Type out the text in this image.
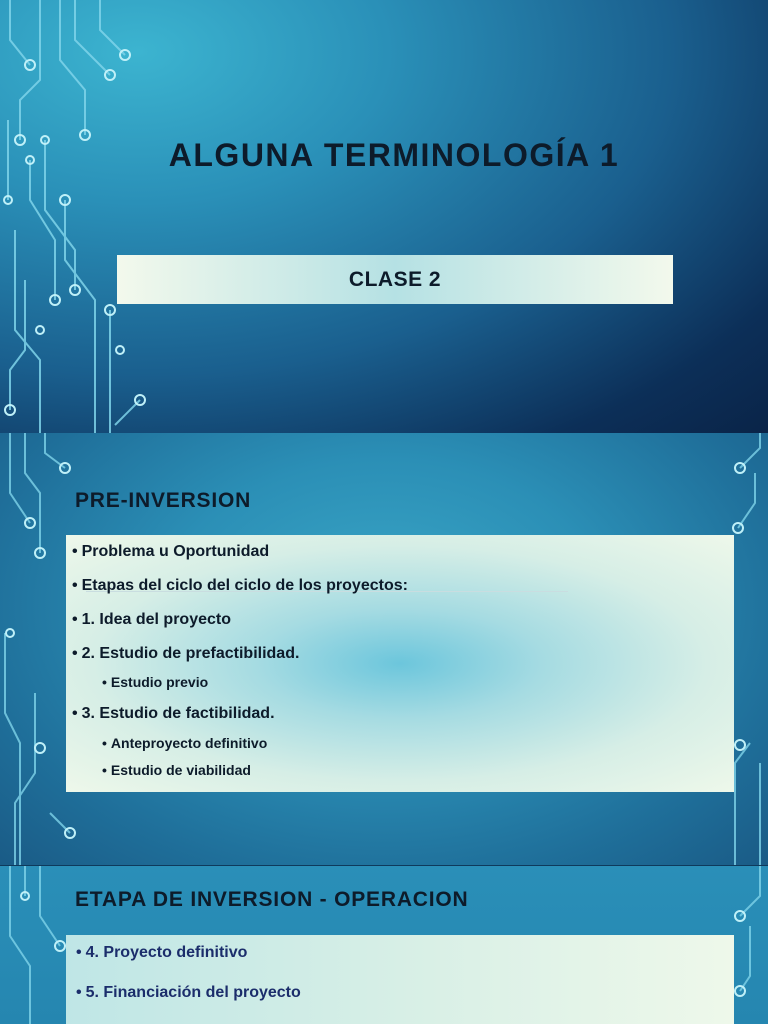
ALGUNA TERMINOLOGÍA 1
CLASE 2
PRE-INVERSION
• Problema u Oportunidad
• Etapas del ciclo del ciclo de los proyectos:
• 1. Idea del proyecto
• 2. Estudio de prefactibilidad.
• Estudio previo
• 3. Estudio de factibilidad.
• Anteproyecto definitivo
• Estudio de viabilidad
ETAPA DE INVERSION - OPERACION
• 4. Proyecto definitivo
• 5. Financiación del proyecto
